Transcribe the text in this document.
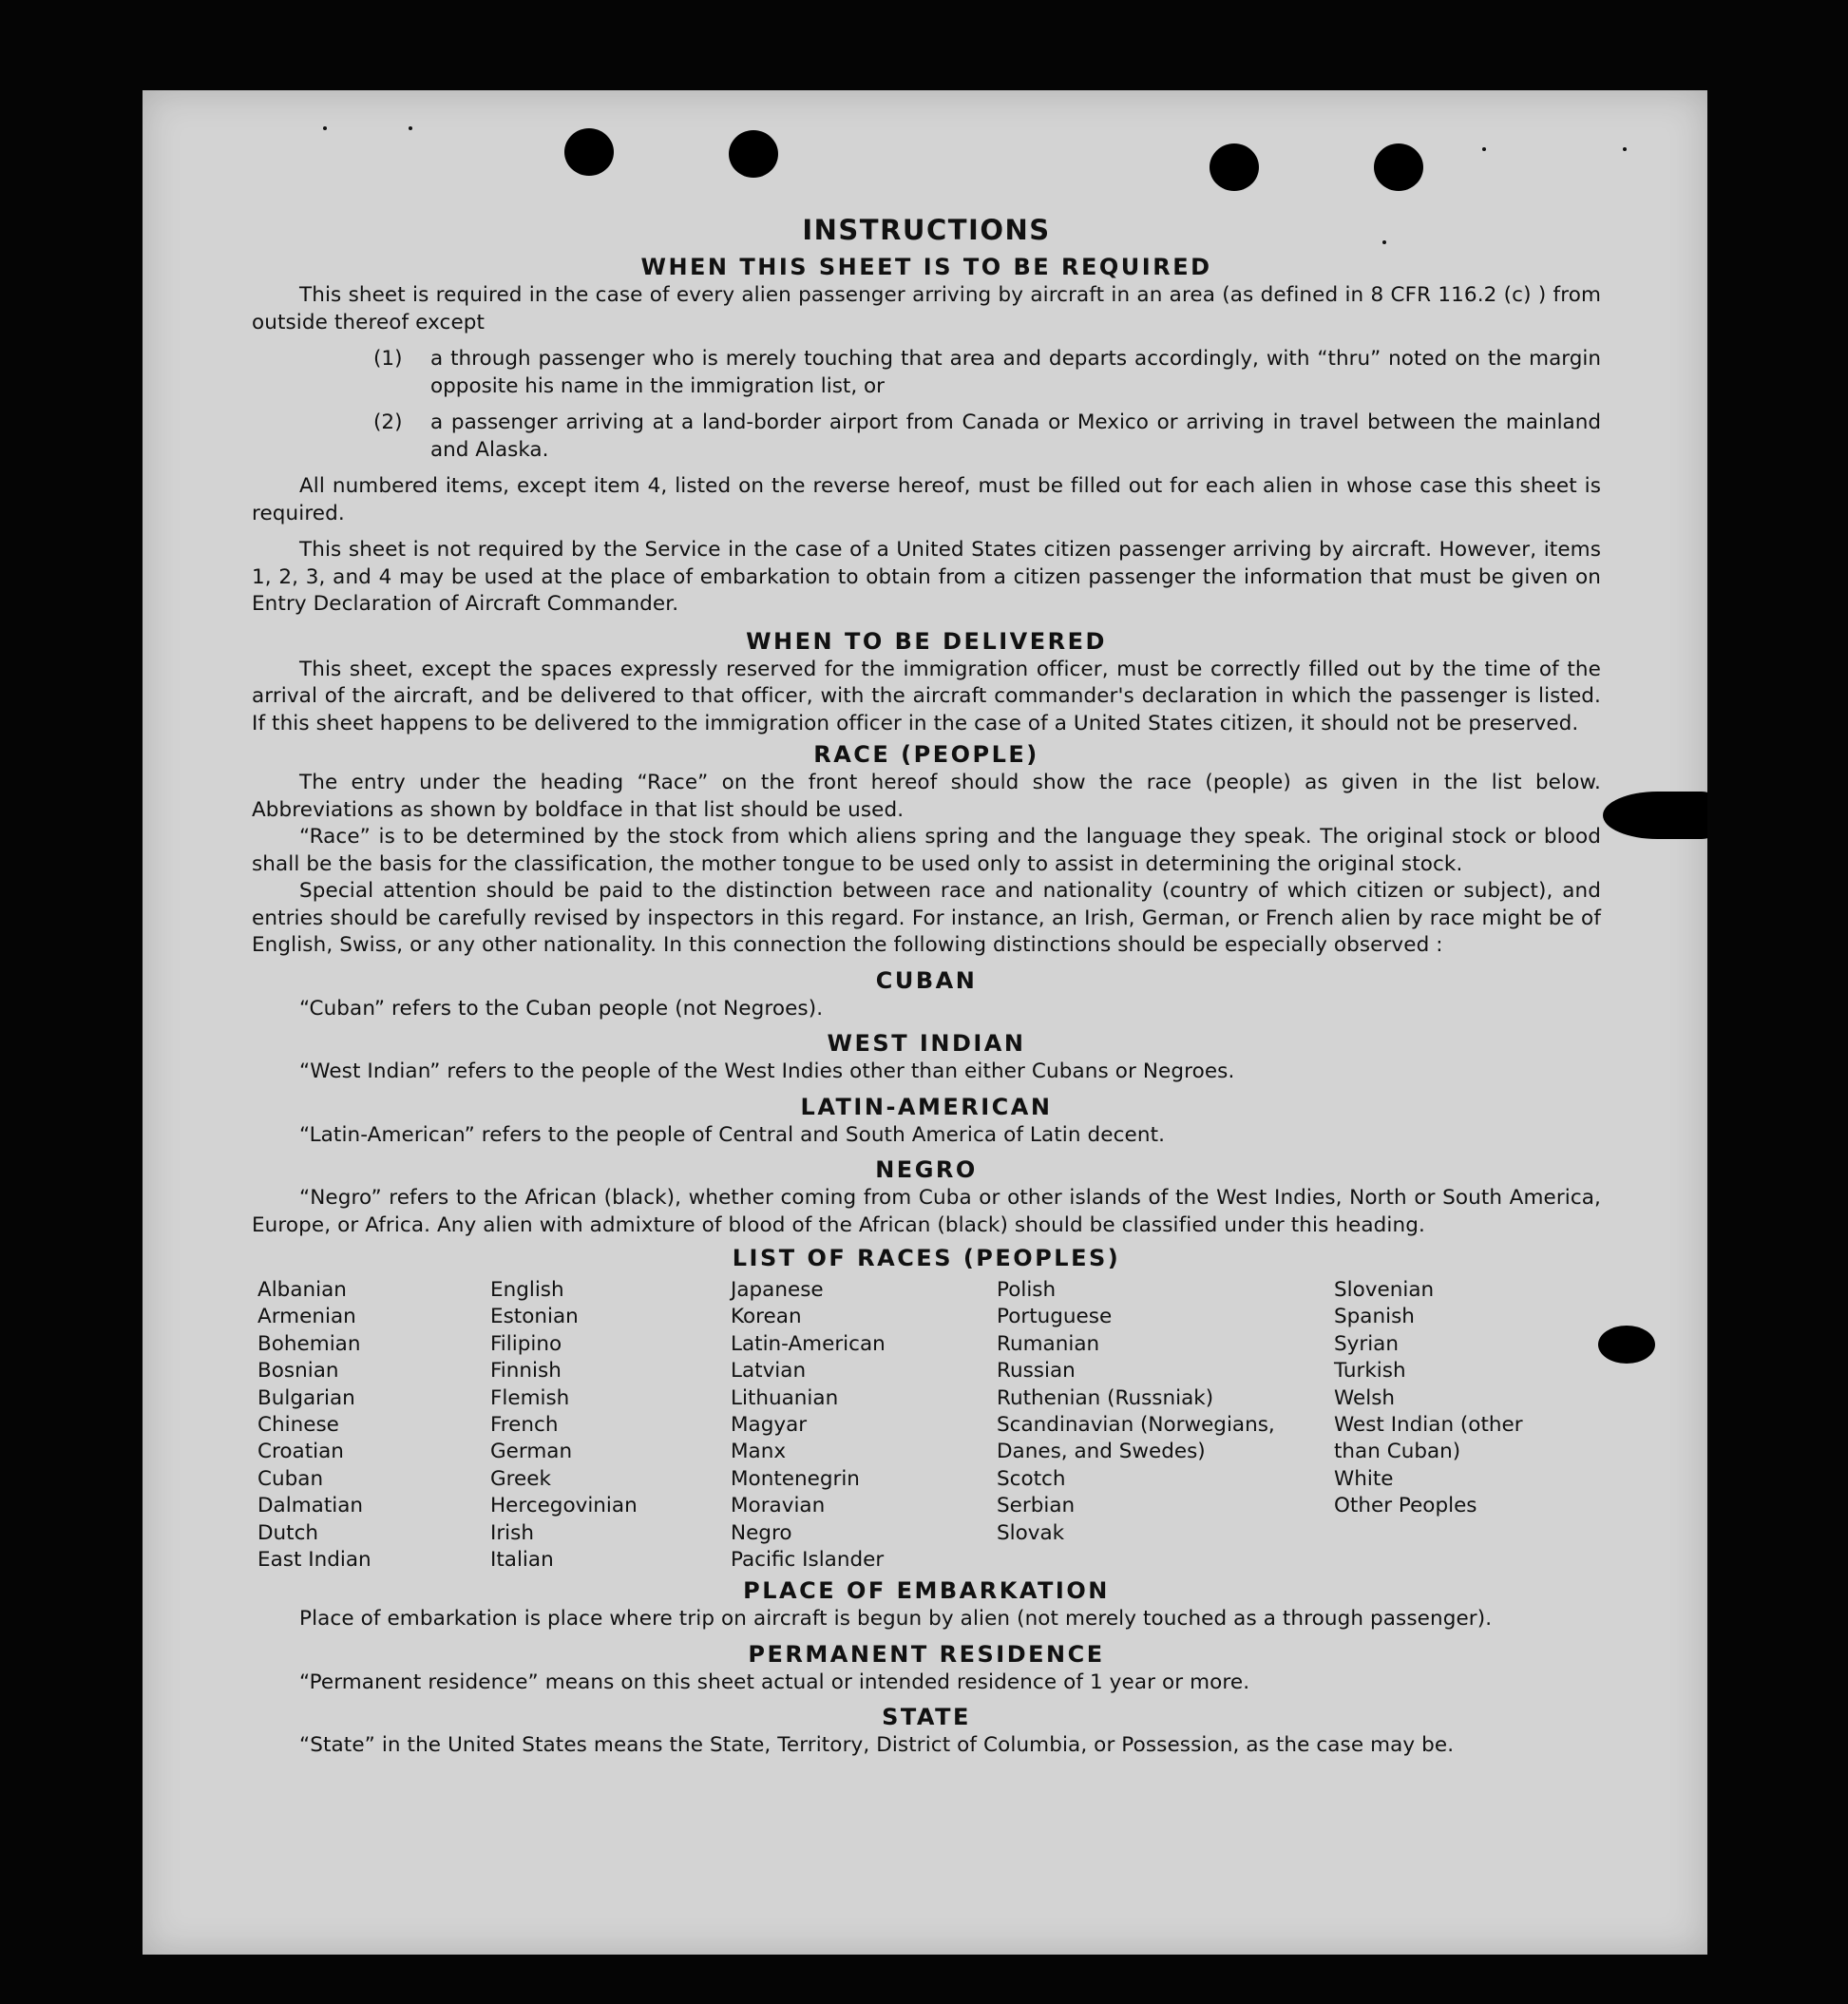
INSTRUCTIONS
WHEN THIS SHEET IS TO BE REQUIRED

This sheet is required in the case of every alien passenger arriving by aircraft in an area (as defined in 8 CFR 116.2 (c) ) from outside thereof except

(1)	a through passenger who is merely touching that area and departs accordingly, with “thru” noted on the margin opposite his name in the immigration list, or
(2)	a passenger arriving at a land-border airport from Canada or Mexico or arriving in travel between the mainland and Alaska.

All numbered items, except item 4, listed on the reverse hereof, must be filled out for each alien in whose case this sheet is required.

This sheet is not required by the Service in the case of a United States citizen passenger arriving by aircraft. However, items 1, 2, 3, and 4 may be used at the place of embarkation to obtain from a citizen passenger the information that must be given on Entry Declaration of Aircraft Commander.

WHEN TO BE DELIVERED

This sheet, except the spaces expressly reserved for the immigration officer, must be correctly filled out by the time of the arrival of the aircraft, and be delivered to that officer, with the aircraft commander's declaration in which the passenger is listed. If this sheet happens to be delivered to the immigration officer in the case of a United States citizen, it should not be preserved.

RACE (PEOPLE)

The entry under the heading “Race” on the front hereof should show the race (people) as given in the list below. Abbreviations as shown by boldface in that list should be used.

“Race” is to be determined by the stock from which aliens spring and the language they speak. The original stock or blood shall be the basis for the classification, the mother tongue to be used only to assist in determining the original stock.

Special attention should be paid to the distinction between race and nationality (country of which citizen or subject), and entries should be carefully revised by inspectors in this regard. For instance, an Irish, German, or French alien by race might be of English, Swiss, or any other nationality. In this connection the following distinctions should be especially observed :

CUBAN

“Cuban” refers to the Cuban people (not Negroes).

WEST INDIAN

“West Indian” refers to the people of the West Indies other than either Cubans or Negroes.

LATIN-AMERICAN

“Latin-American” refers to the people of Central and South America of Latin decent.

NEGRO

“Negro” refers to the African (black), whether coming from Cuba or other islands of the West Indies, North or South America, Europe, or Africa. Any alien with admixture of blood of the African (black) should be classified under this heading.

LIST OF RACES (PEOPLES)
Albanian
Armenian
Bohemian
Bosnian
Bulgarian
Chinese
Croatian
Cuban
Dalmatian
Dutch
East Indian
English
Estonian
Filipino
Finnish
Flemish
French
German
Greek
Hercegovinian
Irish
Italian
Japanese
Korean
Latin-American
Latvian
Lithuanian
Magyar
Manx
Montenegrin
Moravian
Negro
Pacific Islander
Polish
Portuguese
Rumanian
Russian
Ruthenian (Russniak)
Scandinavian (Norwegians, Danes, and Swedes)
Scotch
Serbian
Slovak
Slovenian
Spanish
Syrian
Turkish
Welsh
West Indian (other than Cuban)
White
Other Peoples
PLACE OF EMBARKATION

Place of embarkation is place where trip on aircraft is begun by alien (not merely touched as a through passenger).

PERMANENT RESIDENCE

“Permanent residence” means on this sheet actual or intended residence of 1 year or more.

STATE

“State” in the United States means the State, Territory, District of Columbia, or Possession, as the case may be.
